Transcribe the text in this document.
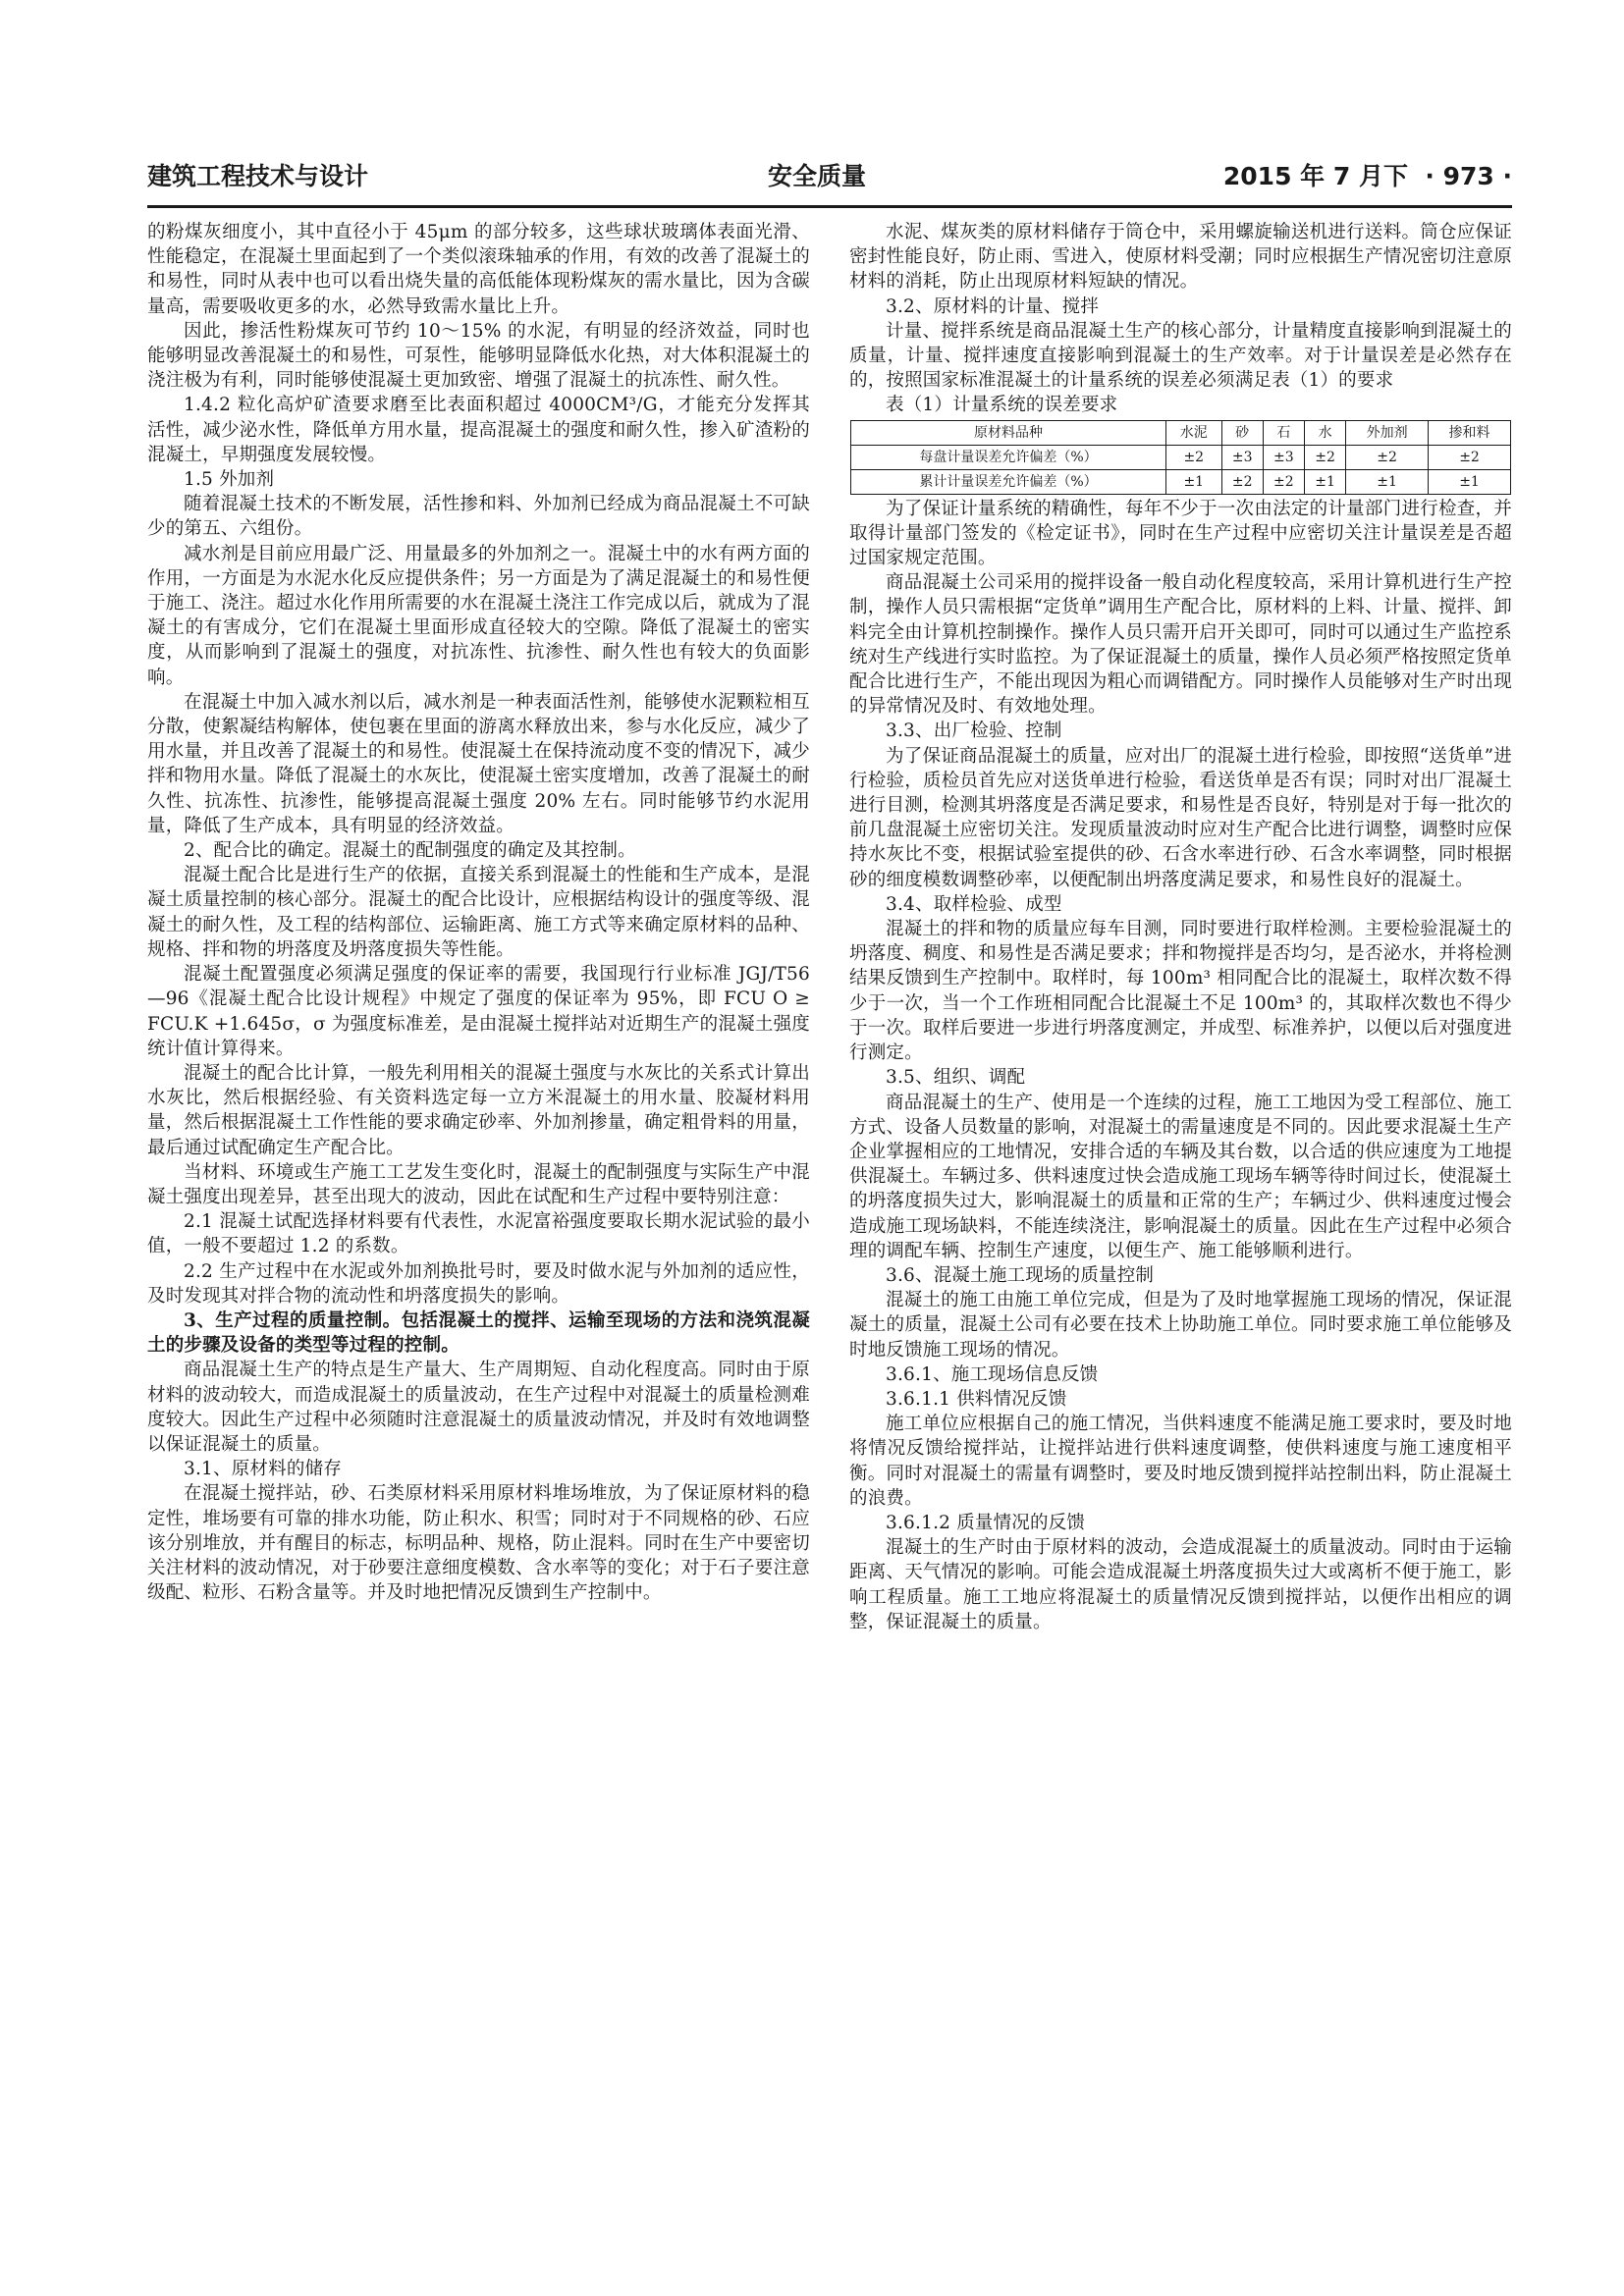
建筑工程技术与设计	安全质量	2015 年 7 月下 · 973 ·

的粉煤灰细度小，其中直径小于 45μm 的部分较多，这些球状玻璃体表面光滑、性能稳定，在混凝土里面起到了一个类似滚珠轴承的作用，有效的改善了混凝土的和易性，同时从表中也可以看出烧失量的高低能体现粉煤灰的需水量比，因为含碳量高，需要吸收更多的水，必然导致需水量比上升。

因此，掺活性粉煤灰可节约 10～15% 的水泥，有明显的经济效益，同时也能够明显改善混凝土的和易性，可泵性，能够明显降低水化热，对大体积混凝土的浇注极为有利，同时能够使混凝土更加致密、增强了混凝土的抗冻性、耐久性。

1.4.2 粒化高炉矿渣要求磨至比表面积超过 4000CM³/G，才能充分发挥其活性，减少泌水性，降低单方用水量，提高混凝土的强度和耐久性，掺入矿渣粉的混凝土，早期强度发展较慢。

1.5 外加剂

随着混凝土技术的不断发展，活性掺和料、外加剂已经成为商品混凝土不可缺少的第五、六组份。

减水剂是目前应用最广泛、用量最多的外加剂之一。混凝土中的水有两方面的作用，一方面是为水泥水化反应提供条件；另一方面是为了满足混凝土的和易性便于施工、浇注。超过水化作用所需要的水在混凝土浇注工作完成以后，就成为了混凝土的有害成分，它们在混凝土里面形成直径较大的空隙。降低了混凝土的密实度，从而影响到了混凝土的强度，对抗冻性、抗渗性、耐久性也有较大的负面影响。

在混凝土中加入减水剂以后，减水剂是一种表面活性剂，能够使水泥颗粒相互分散，使絮凝结构解体，使包裹在里面的游离水释放出来，参与水化反应，减少了用水量，并且改善了混凝土的和易性。使混凝土在保持流动度不变的情况下，减少拌和物用水量。降低了混凝土的水灰比，使混凝土密实度增加，改善了混凝土的耐久性、抗冻性、抗渗性，能够提高混凝土强度 20% 左右。同时能够节约水泥用量，降低了生产成本，具有明显的经济效益。

2、配合比的确定。混凝土的配制强度的确定及其控制。

混凝土配合比是进行生产的依据，直接关系到混凝土的性能和生产成本，是混凝土质量控制的核心部分。混凝土的配合比设计，应根据结构设计的强度等级、混凝土的耐久性，及工程的结构部位、运输距离、施工方式等来确定原材料的品种、规格、拌和物的坍落度及坍落度损失等性能。

混凝土配置强度必须满足强度的保证率的需要，我国现行行业标准 JGJ/T56—96《混凝土配合比设计规程》中规定了强度的保证率为 95%，即 FCU O ≥ FCU.K +1.645σ，σ 为强度标准差，是由混凝土搅拌站对近期生产的混凝土强度统计值计算得来。

混凝土的配合比计算，一般先利用相关的混凝土强度与水灰比的关系式计算出水灰比，然后根据经验、有关资料选定每一立方米混凝土的用水量、胶凝材料用量，然后根据混凝土工作性能的要求确定砂率、外加剂掺量，确定粗骨料的用量，最后通过试配确定生产配合比。

当材料、环境或生产施工工艺发生变化时，混凝土的配制强度与实际生产中混凝土强度出现差异，甚至出现大的波动，因此在试配和生产过程中要特别注意：

2.1 混凝土试配选择材料要有代表性，水泥富裕强度要取长期水泥试验的最小值，一般不要超过 1.2 的系数。

2.2 生产过程中在水泥或外加剂换批号时，要及时做水泥与外加剂的适应性，及时发现其对拌合物的流动性和坍落度损失的影响。

3、生产过程的质量控制。包括混凝土的搅拌、运输至现场的方法和浇筑混凝土的步骤及设备的类型等过程的控制。

商品混凝土生产的特点是生产量大、生产周期短、自动化程度高。同时由于原材料的波动较大，而造成混凝土的质量波动，在生产过程中对混凝土的质量检测难度较大。因此生产过程中必须随时注意混凝土的质量波动情况，并及时有效地调整以保证混凝土的质量。

3.1、原材料的储存

在混凝土搅拌站，砂、石类原材料采用原材料堆场堆放，为了保证原材料的稳定性，堆场要有可靠的排水功能，防止积水、积雪；同时对于不同规格的砂、石应该分别堆放，并有醒目的标志，标明品种、规格，防止混料。同时在生产中要密切关注材料的波动情况，对于砂要注意细度模数、含水率等的变化；对于石子要注意级配、粒形、石粉含量等。并及时地把情况反馈到生产控制中。

水泥、煤灰类的原材料储存于筒仓中，采用螺旋输送机进行送料。筒仓应保证密封性能良好，防止雨、雪进入，使原材料受潮；同时应根据生产情况密切注意原材料的消耗，防止出现原材料短缺的情况。

3.2、原材料的计量、搅拌

计量、搅拌系统是商品混凝土生产的核心部分，计量精度直接影响到混凝土的质量，计量、搅拌速度直接影响到混凝土的生产效率。对于计量误差是必然存在的，按照国家标准混凝土的计量系统的误差必须满足表（1）的要求

表（1）计量系统的误差要求

原材料品种	水泥	砂	石	水	外加剂	掺和料
每盘计量误差允许偏差（%）	±2	±3	±3	±2	±2	±2
累计计量误差允许偏差（%）	±1	±2	±2	±1	±1	±1

为了保证计量系统的精确性，每年不少于一次由法定的计量部门进行检查，并取得计量部门签发的《检定证书》，同时在生产过程中应密切关注计量误差是否超过国家规定范围。

商品混凝土公司采用的搅拌设备一般自动化程度较高，采用计算机进行生产控制，操作人员只需根据“定货单”调用生产配合比，原材料的上料、计量、搅拌、卸料完全由计算机控制操作。操作人员只需开启开关即可，同时可以通过生产监控系统对生产线进行实时监控。为了保证混凝土的质量，操作人员必须严格按照定货单配合比进行生产，不能出现因为粗心而调错配方。同时操作人员能够对生产时出现的异常情况及时、有效地处理。

3.3、出厂检验、控制

为了保证商品混凝土的质量，应对出厂的混凝土进行检验，即按照“送货单”进行检验，质检员首先应对送货单进行检验，看送货单是否有误；同时对出厂混凝土进行目测，检测其坍落度是否满足要求，和易性是否良好，特别是对于每一批次的前几盘混凝土应密切关注。发现质量波动时应对生产配合比进行调整，调整时应保持水灰比不变，根据试验室提供的砂、石含水率进行砂、石含水率调整，同时根据砂的细度模数调整砂率，以便配制出坍落度满足要求，和易性良好的混凝土。

3.4、取样检验、成型

混凝土的拌和物的质量应每车目测，同时要进行取样检测。主要检验混凝土的坍落度、稠度、和易性是否满足要求；拌和物搅拌是否均匀，是否泌水，并将检测结果反馈到生产控制中。取样时，每 100m³ 相同配合比的混凝土，取样次数不得少于一次，当一个工作班相同配合比混凝土不足 100m³ 的，其取样次数也不得少于一次。取样后要进一步进行坍落度测定，并成型、标准养护，以便以后对强度进行测定。

3.5、组织、调配

商品混凝土的生产、使用是一个连续的过程，施工工地因为受工程部位、施工方式、设备人员数量的影响，对混凝土的需量速度是不同的。因此要求混凝土生产企业掌握相应的工地情况，安排合适的车辆及其台数，以合适的供应速度为工地提供混凝土。车辆过多、供料速度过快会造成施工现场车辆等待时间过长，使混凝土的坍落度损失过大，影响混凝土的质量和正常的生产；车辆过少、供料速度过慢会造成施工现场缺料，不能连续浇注，影响混凝土的质量。因此在生产过程中必须合理的调配车辆、控制生产速度，以便生产、施工能够顺利进行。

3.6、混凝土施工现场的质量控制

混凝土的施工由施工单位完成，但是为了及时地掌握施工现场的情况，保证混凝土的质量，混凝土公司有必要在技术上协助施工单位。同时要求施工单位能够及时地反馈施工现场的情况。

3.6.1、施工现场信息反馈

3.6.1.1 供料情况反馈

施工单位应根据自己的施工情况，当供料速度不能满足施工要求时，要及时地将情况反馈给搅拌站，让搅拌站进行供料速度调整，使供料速度与施工速度相平衡。同时对混凝土的需量有调整时，要及时地反馈到搅拌站控制出料，防止混凝土的浪费。

3.6.1.2 质量情况的反馈

混凝土的生产时由于原材料的波动，会造成混凝土的质量波动。同时由于运输距离、天气情况的影响。可能会造成混凝土坍落度损失过大或离析不便于施工，影响工程质量。施工工地应将混凝土的质量情况反馈到搅拌站，以便作出相应的调整，保证混凝土的质量。
